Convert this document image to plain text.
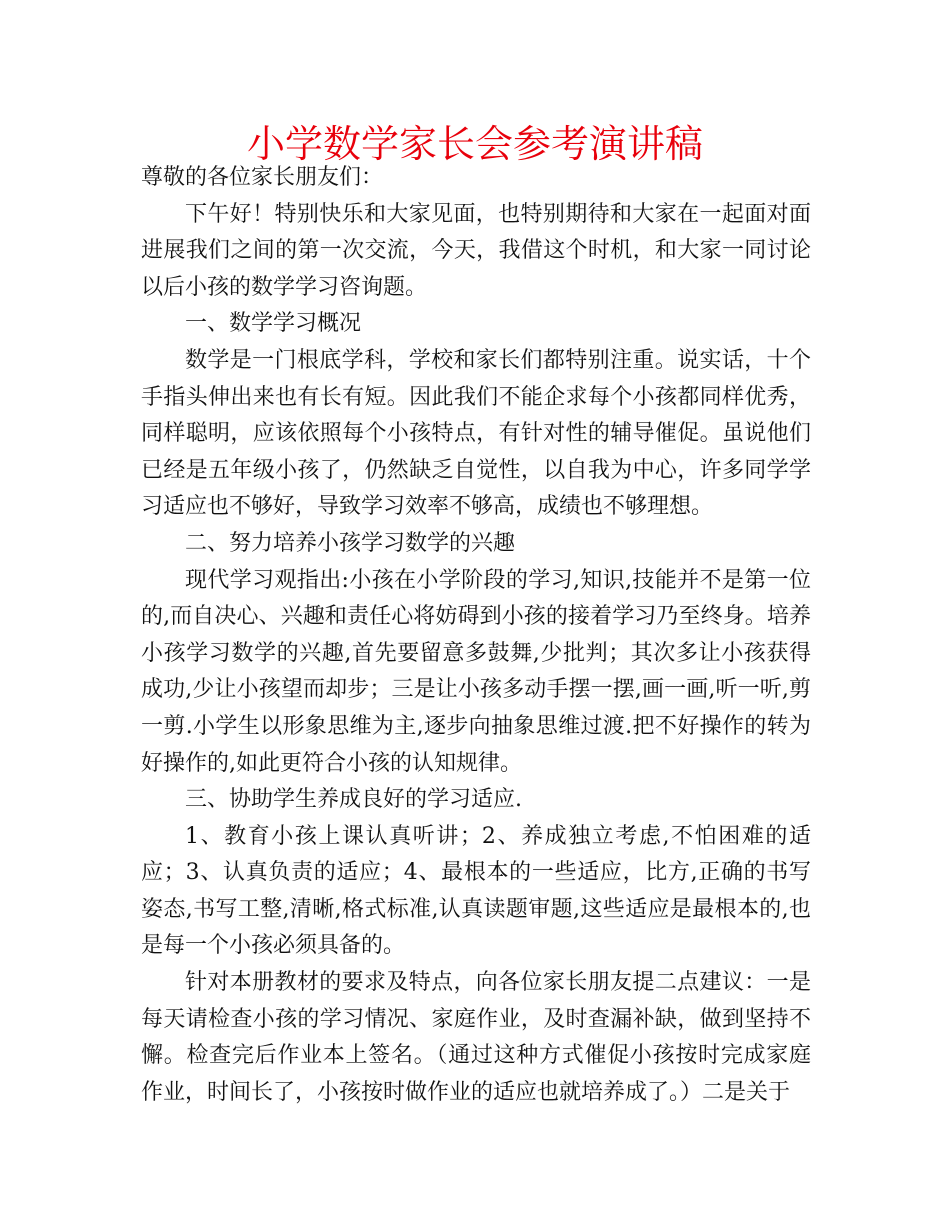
小学数学家长会参考演讲稿

尊敬的各位家长朋友们：

下午好！特别快乐和大家见面，也特别期待和大家在一起面对面进展我们之间的第一次交流，今天，我借这个时机，和大家一同讨论以后小孩的数学学习咨询题。

一、数学学习概况

数学是一门根底学科，学校和家长们都特别注重。说实话，十个手指头伸出来也有长有短。因此我们不能企求每个小孩都同样优秀，同样聪明，应该依照每个小孩特点，有针对性的辅导催促。虽说他们已经是五年级小孩了，仍然缺乏自觉性，以自我为中心，许多同学学习适应也不够好，导致学习效率不够高，成绩也不够理想。

二、努力培养小孩学习数学的兴趣

现代学习观指出:小孩在小学阶段的学习,知识,技能并不是第一位的,而自决心、兴趣和责任心将妨碍到小孩的接着学习乃至终身。培养小孩学习数学的兴趣,首先要留意多鼓舞,少批判；其次多让小孩获得成功,少让小孩望而却步；三是让小孩多动手摆一摆,画一画,听一听,剪一剪.小学生以形象思维为主,逐步向抽象思维过渡.把不好操作的转为好操作的,如此更符合小孩的认知规律。

三、协助学生养成良好的学习适应.

1、教育小孩上课认真听讲；2、养成独立考虑,不怕困难的适应；3、认真负责的适应；4、最根本的一些适应，比方,正确的书写姿态,书写工整,清晰,格式标准,认真读题审题,这些适应是最根本的,也是每一个小孩必须具备的。

针对本册教材的要求及特点，向各位家长朋友提二点建议：一是每天请检查小孩的学习情况、家庭作业，及时查漏补缺，做到坚持不懈。检查完后作业本上签名。（通过这种方式催促小孩按时完成家庭作业，时间长了，小孩按时做作业的适应也就培养成了。）二是关于
